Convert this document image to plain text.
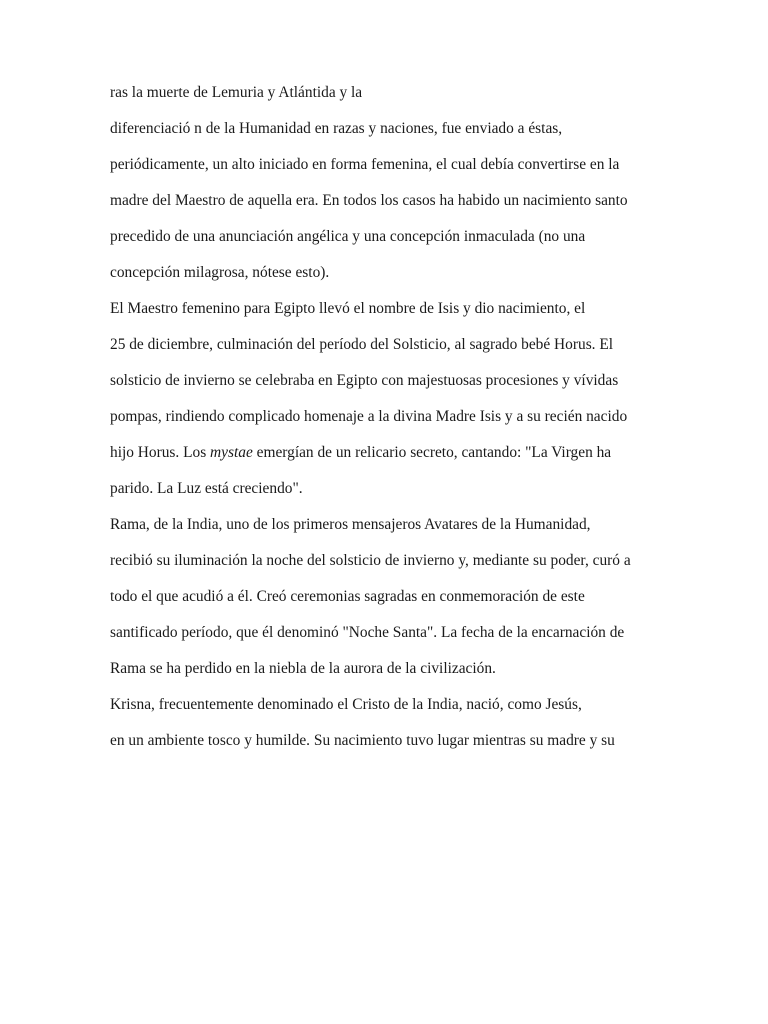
ras la muerte de Lemuria y Atlántida y la

diferenciació n de la Humanidad en razas y naciones, fue enviado a éstas,

periódicamente, un alto iniciado en forma femenina, el cual debía convertirse en la

madre del Maestro de aquella era. En todos los casos ha habido un nacimiento santo

precedido de una anunciación angélica y una concepción inmaculada (no una

concepción milagrosa, nótese esto).

El Maestro femenino para Egipto llevó el nombre de Isis y dio nacimiento, el

25 de diciembre, culminación del período del Solsticio, al sagrado bebé Horus. El

solsticio de invierno se celebraba en Egipto con majestuosas procesiones y vívidas

pompas, rindiendo complicado homenaje a la divina Madre Isis y a su recién nacido

hijo Horus. Los mystae emergían de un relicario secreto, cantando: "La Virgen ha

parido. La Luz está creciendo".

Rama, de la India, uno de los primeros mensajeros Avatares de la Humanidad,

recibió su iluminación la noche del solsticio de invierno y, mediante su poder, curó a

todo el que acudió a él. Creó ceremonias sagradas en conmemoración de este

santificado período, que él denominó "Noche Santa". La fecha de la encarnación de

Rama se ha perdido en la niebla de la aurora de la civilización.

Krisna, frecuentemente denominado el Cristo de la India, nació, como Jesús,

en un ambiente tosco y humilde. Su nacimiento tuvo lugar mientras su madre y su
